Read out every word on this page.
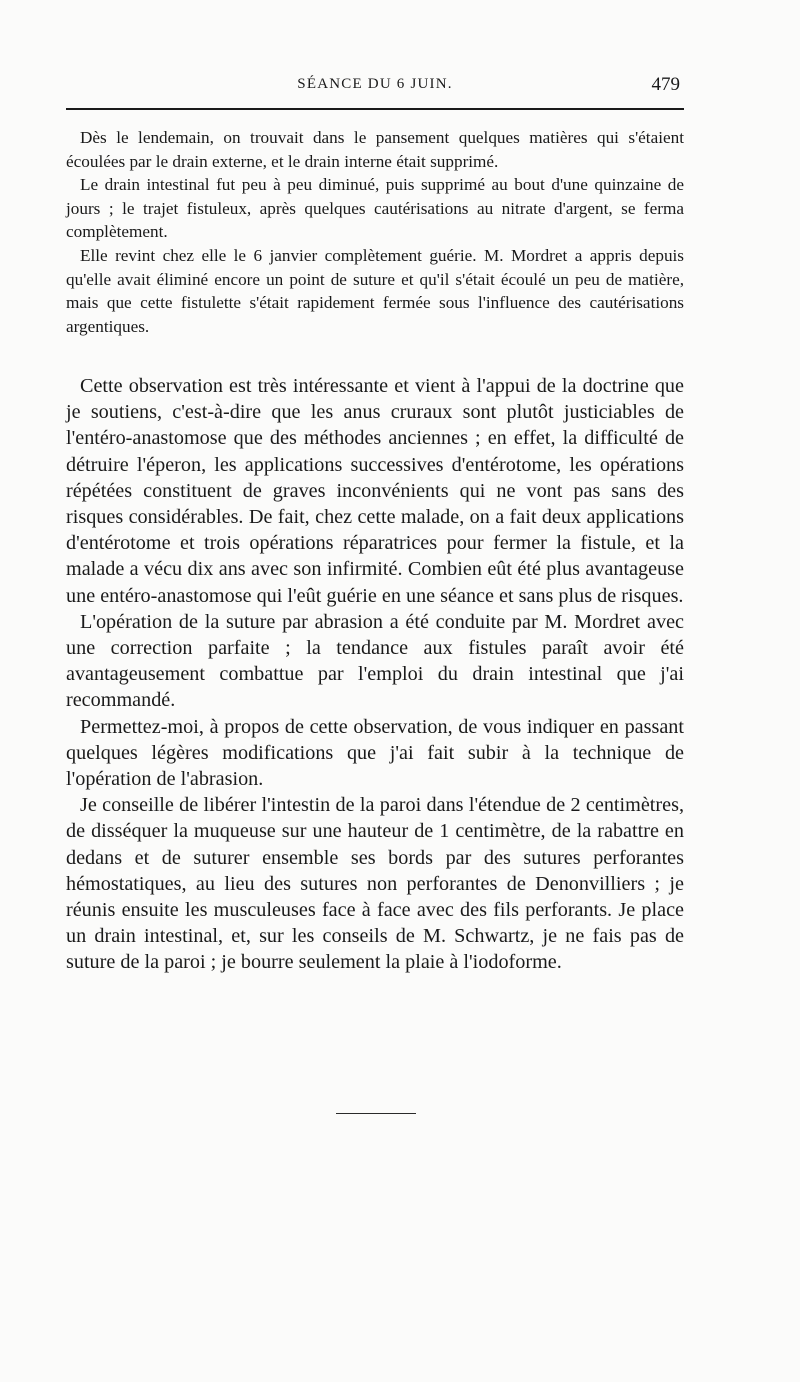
SÉANCE DU 6 JUIN.	479

Dès le lendemain, on trouvait dans le pansement quelques matières qui s'étaient écoulées par le drain externe, et le drain interne était supprimé.

Le drain intestinal fut peu à peu diminué, puis supprimé au bout d'une quinzaine de jours ; le trajet fistuleux, après quelques cautérisations au nitrate d'argent, se ferma complètement.

Elle revint chez elle le 6 janvier complètement guérie. M. Mordret a appris depuis qu'elle avait éliminé encore un point de suture et qu'il s'était écoulé un peu de matière, mais que cette fistulette s'était rapidement fermée sous l'influence des cautérisations argentiques.

Cette observation est très intéressante et vient à l'appui de la doctrine que je soutiens, c'est-à-dire que les anus cruraux sont plutôt justiciables de l'entéro-anastomose que des méthodes anciennes ; en effet, la difficulté de détruire l'éperon, les applications successives d'entérotome, les opérations répétées constituent de graves inconvénients qui ne vont pas sans des risques considérables. De fait, chez cette malade, on a fait deux applications d'entérotome et trois opérations réparatrices pour fermer la fistule, et la malade a vécu dix ans avec son infirmité. Combien eût été plus avantageuse une entéro-anastomose qui l'eût guérie en une séance et sans plus de risques.

L'opération de la suture par abrasion a été conduite par M. Mordret avec une correction parfaite ; la tendance aux fistules paraît avoir été avantageusement combattue par l'emploi du drain intestinal que j'ai recommandé.

Permettez-moi, à propos de cette observation, de vous indiquer en passant quelques légères modifications que j'ai fait subir à la technique de l'opération de l'abrasion.

Je conseille de libérer l'intestin de la paroi dans l'étendue de 2 centimètres, de disséquer la muqueuse sur une hauteur de 1 centimètre, de la rabattre en dedans et de suturer ensemble ses bords par des sutures perforantes hémostatiques, au lieu des sutures non perforantes de Denonvilliers ; je réunis ensuite les musculeuses face à face avec des fils perforants. Je place un drain intestinal, et, sur les conseils de M. Schwartz, je ne fais pas de suture de la paroi ; je bourre seulement la plaie à l'iodoforme.
